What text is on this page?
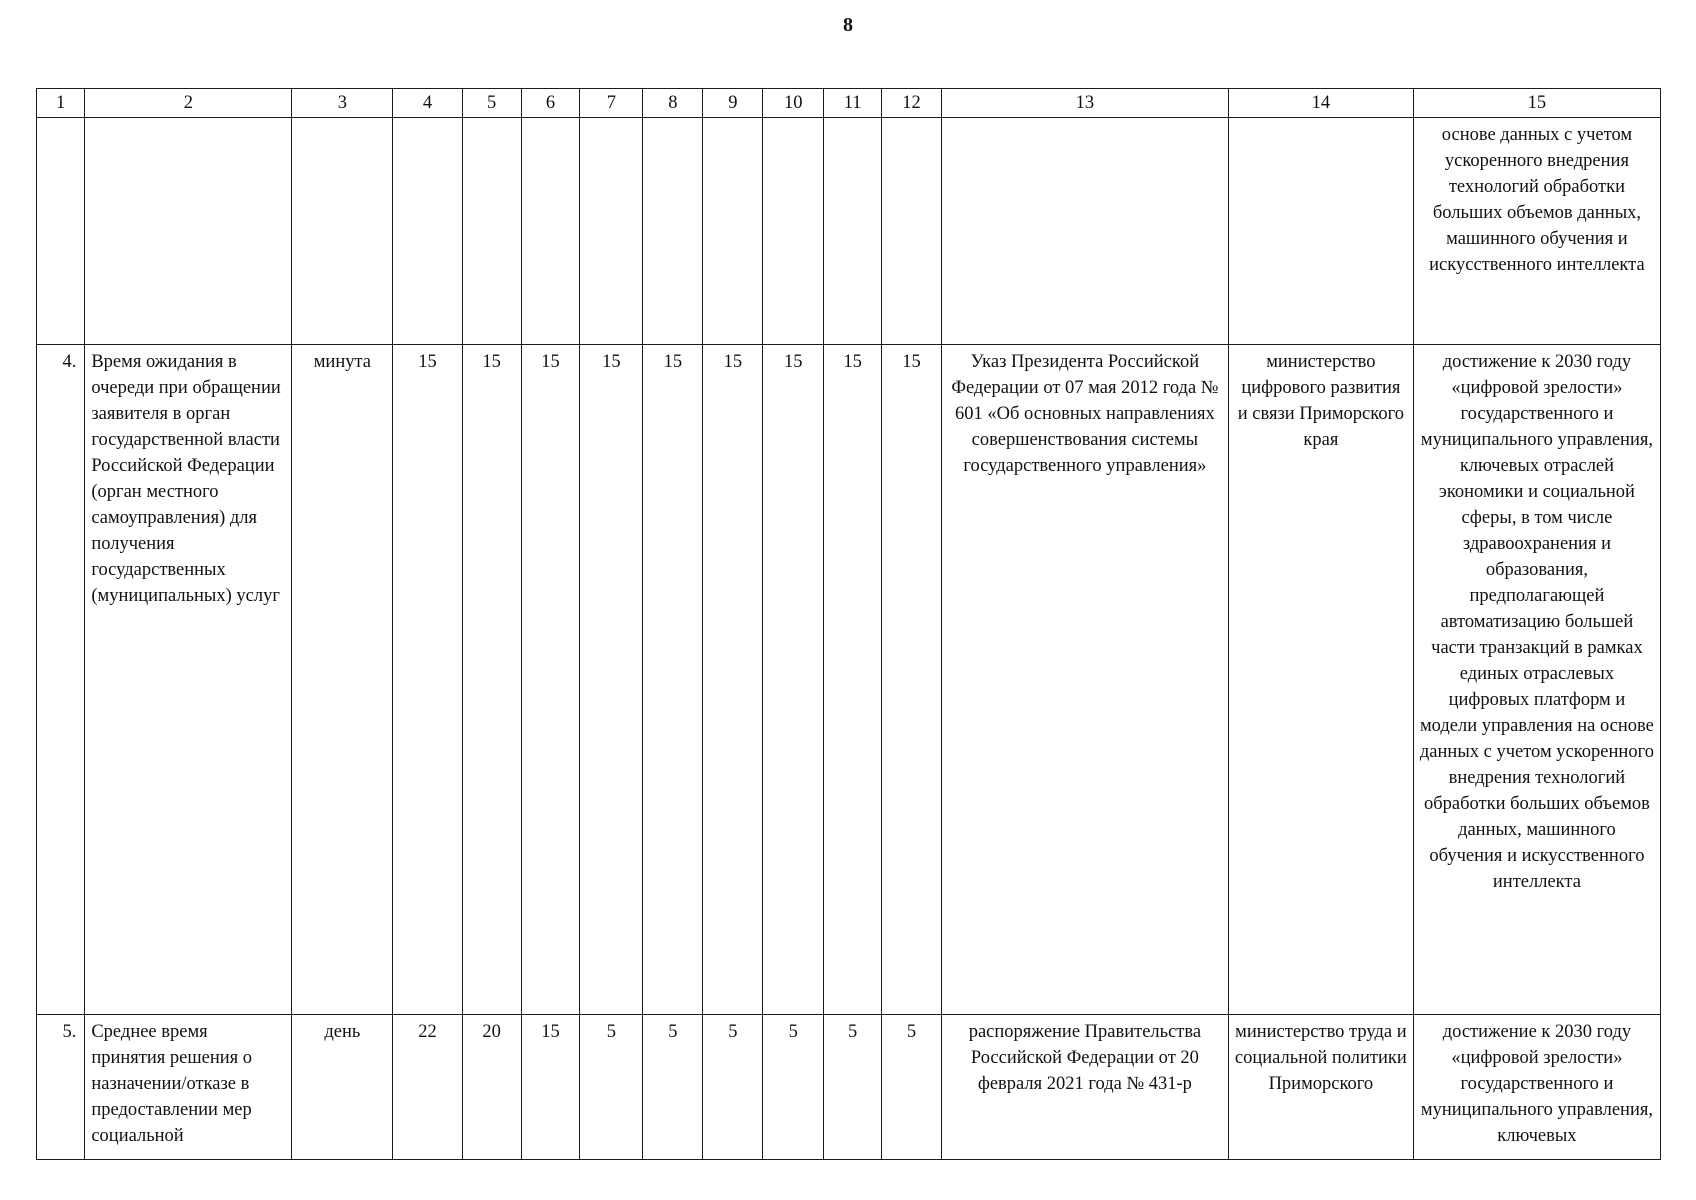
8
1	2	3	4	5	6	7	8	9	10	11	12	13	14	15
														основе данных с учетом ускоренного внедрения технологий обработки больших объемов данных, машинного обучения и искусственного интеллекта
4.	Время ожидания в очереди при обращении заявителя в орган государственной власти Российской Федерации (орган местного самоуправления) для получения государственных (муниципальных) услуг	минута	15	15	15	15	15	15	15	15	15	Указ Президента Российской Федерации от 07 мая 2012 года № 601 «Об основных направлениях совершенствования системы государственного управления»	министерство цифрового развития и связи Приморского края	достижение к 2030 году «цифровой зрелости» государственного и муниципального управления, ключевых отраслей экономики и социальной сферы, в том числе здравоохранения и образования, предполагающей автоматизацию большей части транзакций в рамках единых отраслевых цифровых платформ и модели управления на основе данных с учетом ускоренного внедрения технологий обработки больших объемов данных, машинного обучения и искусственного интеллекта
5.	Среднее время принятия решения о назначении/отказе в предоставлении мер социальной	день	22	20	15	5	5	5	5	5	5	распоряжение Правительства Российской Федерации от 20 февраля 2021 года № 431-р	министерство труда и социальной политики Приморского	достижение к 2030 году «цифровой зрелости» государственного и муниципального управления, ключевых
